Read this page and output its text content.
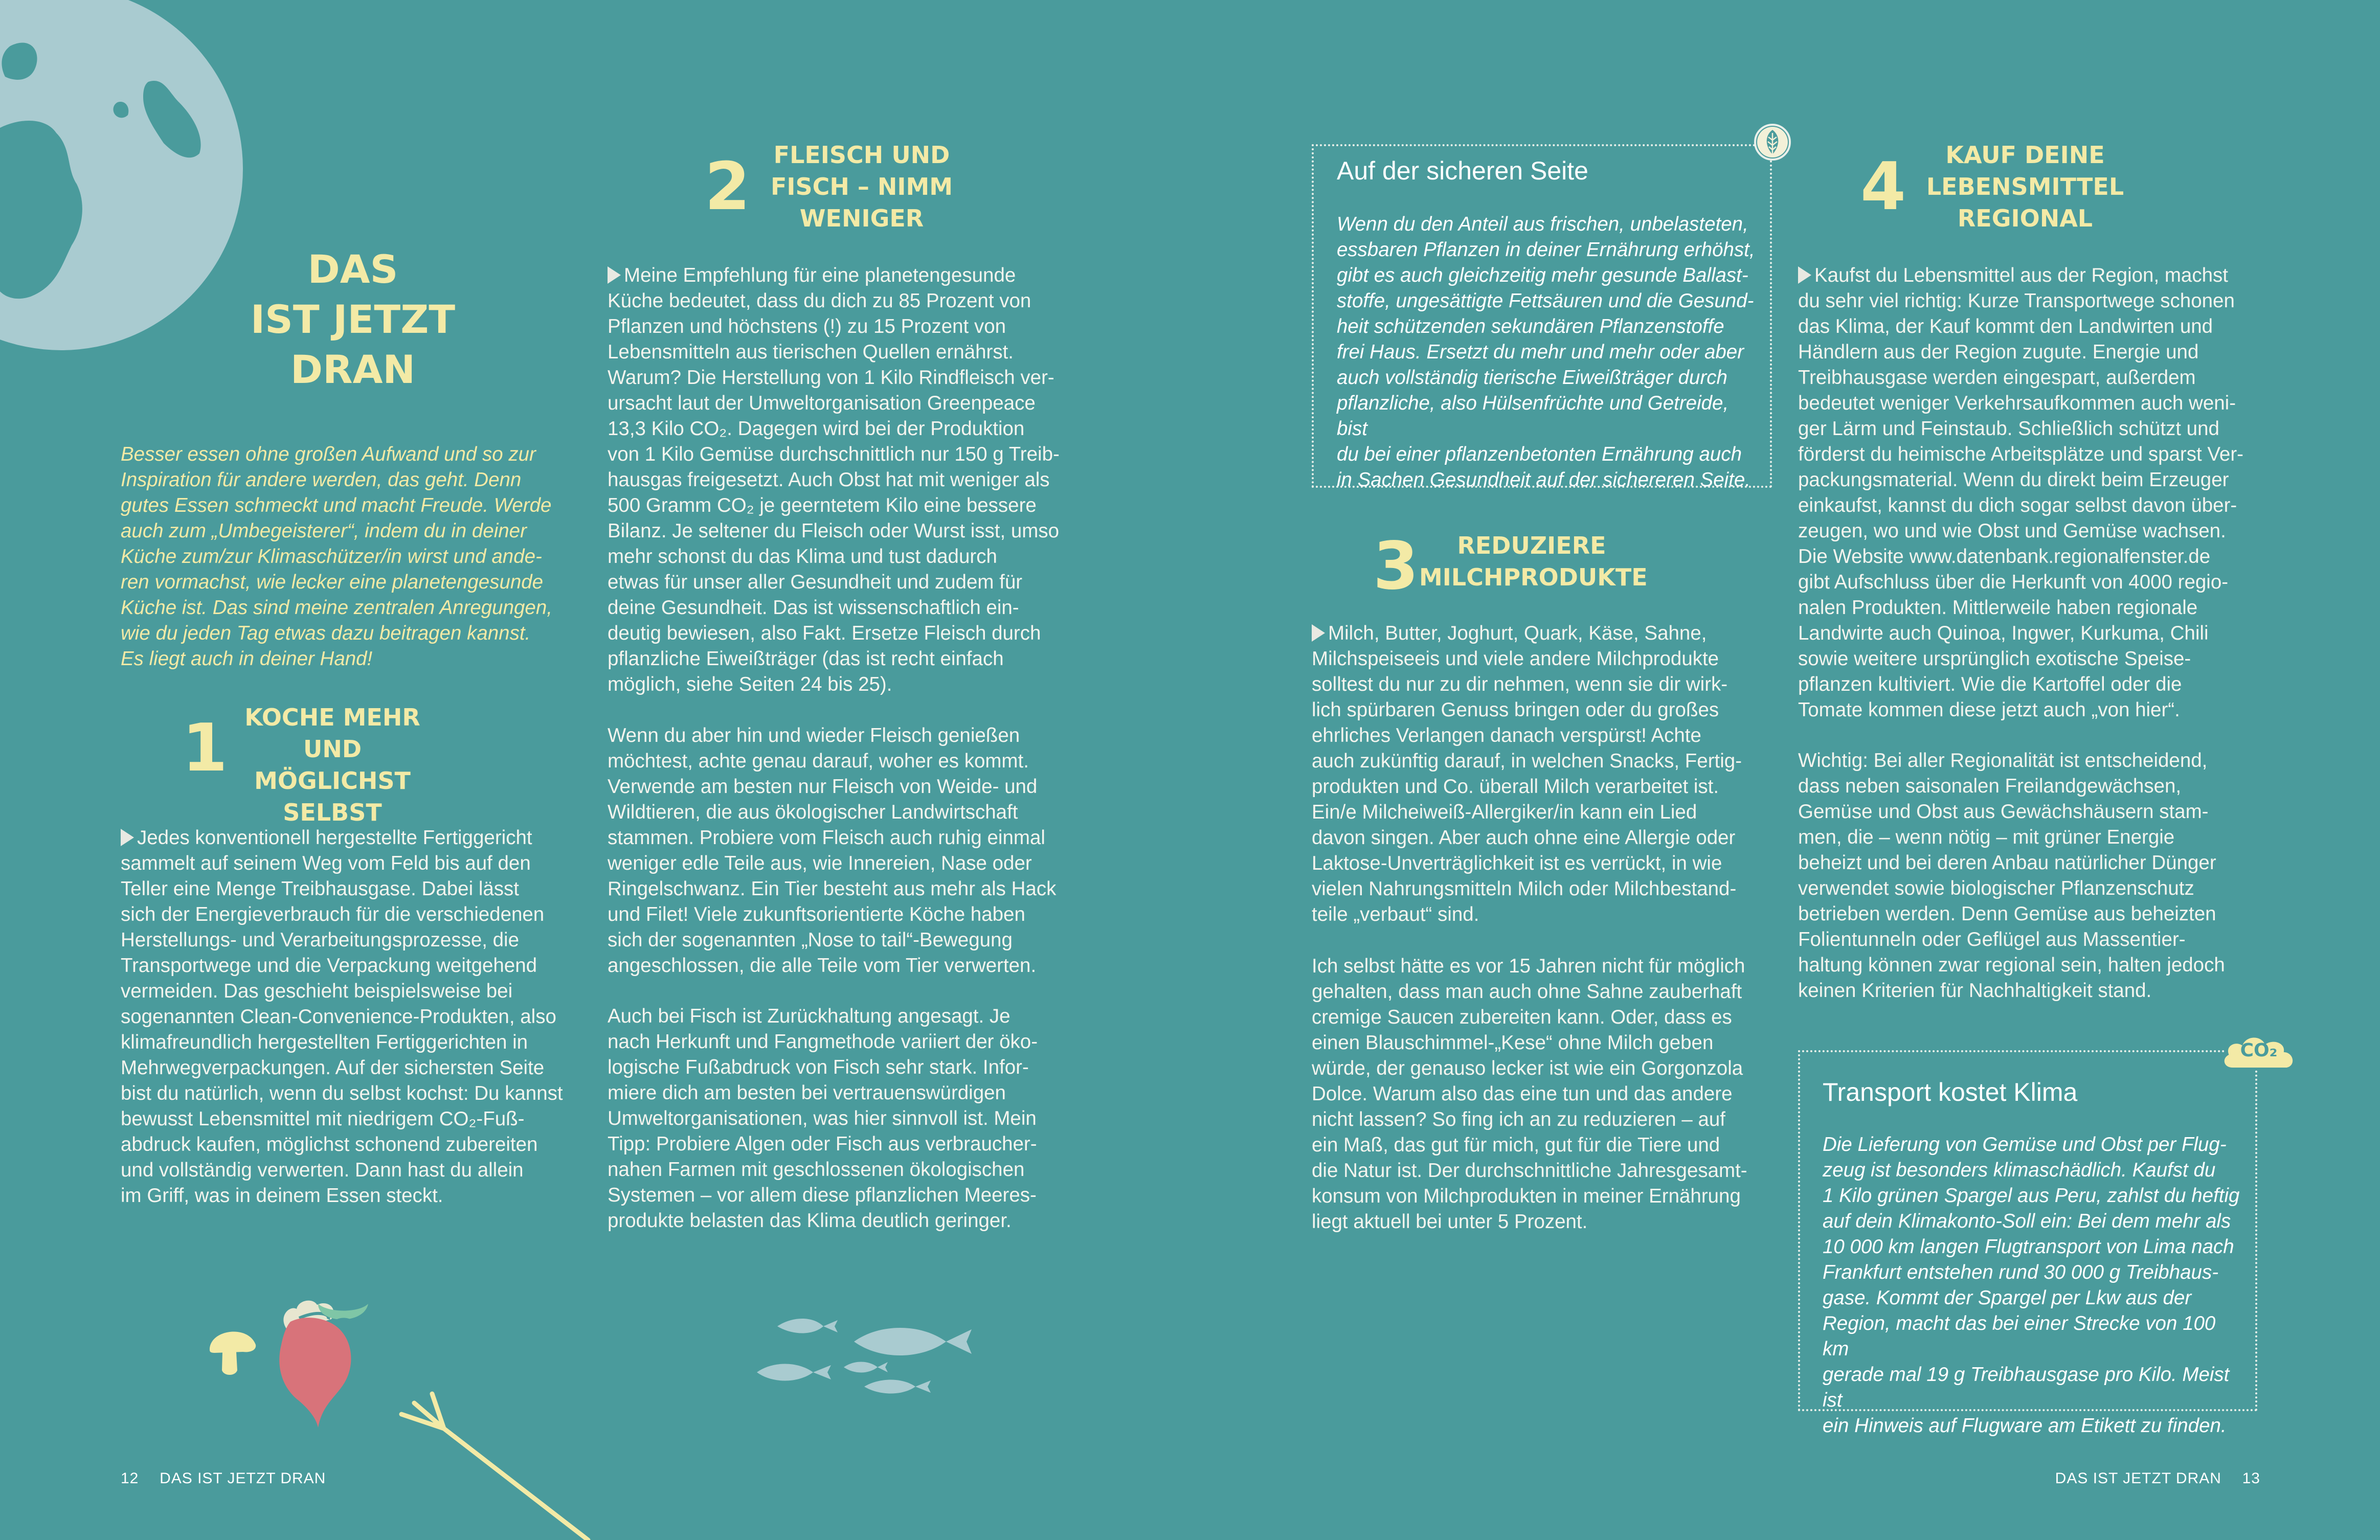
DAS
IST JETZT
DRAN
Besser essen ohne großen Aufwand und so zur
Inspiration für andere werden, das geht. Denn
gutes Essen schmeckt und macht Freude. Werde
auch zum „Umbegeisterer“, indem du in deiner
Küche zum/zur Klimaschützer/in wirst und ande-
ren vormachst, wie lecker eine planetengesunde
Küche ist. Das sind meine zentralen Anregungen,
wie du jeden Tag etwas dazu beitragen kannst.
Es liegt auch in deiner Hand!
1 KOCHE MEHR
UND MÖGLICHST
SELBST
Jedes konventionell hergestellte Fertiggericht
sammelt auf seinem Weg vom Feld bis auf den
Teller eine Menge Treibhausgase. Dabei lässt
sich der Energieverbrauch für die verschiedenen
Herstellungs- und Verarbeitungsprozesse, die
Transportwege und die Verpackung weitgehend
vermeiden. Das geschieht beispielsweise bei
sogenannten Clean-Convenience-Produkten, also
klimafreundlich hergestellten Fertiggerichten in
Mehrwegverpackungen. Auf der sichersten Seite
bist du natürlich, wenn du selbst kochst: Du kannst
bewusst Lebensmittel mit niedrigem CO₂-Fuß-
abdruck kaufen, möglichst schonend zubereiten
und vollständig verwerten. Dann hast du allein
im Griff, was in deinem Essen steckt.
2 FLEISCH UND
FISCH – NIMM
WENIGER
Meine Empfehlung für eine planetengesunde
Küche bedeutet, dass du dich zu 85 Prozent von
Pflanzen und höchstens (!) zu 15 Prozent von
Lebensmitteln aus tierischen Quellen ernährst.
Warum? Die Herstellung von 1 Kilo Rindfleisch ver-
ursacht laut der Umweltorganisation Greenpeace
13,3 Kilo CO₂. Dagegen wird bei der Produktion
von 1 Kilo Gemüse durchschnittlich nur 150 g Treib-
hausgas freigesetzt. Auch Obst hat mit weniger als
500 Gramm CO₂ je geerntetem Kilo eine bessere
Bilanz. Je seltener du Fleisch oder Wurst isst, umso
mehr schonst du das Klima und tust dadurch
etwas für unser aller Gesundheit und zudem für
deine Gesundheit. Das ist wissenschaftlich ein-
deutig bewiesen, also Fakt. Ersetze Fleisch durch
pflanzliche Eiweißträger (das ist recht einfach
möglich, siehe Seiten 24 bis 25).
Wenn du aber hin und wieder Fleisch genießen
möchtest, achte genau darauf, woher es kommt.
Verwende am besten nur Fleisch von Weide- und
Wildtieren, die aus ökologischer Landwirtschaft
stammen. Probiere vom Fleisch auch ruhig einmal
weniger edle Teile aus, wie Innereien, Nase oder
Ringelschwanz. Ein Tier besteht aus mehr als Hack
und Filet! Viele zukunftsorientierte Köche haben
sich der sogenannten „Nose to tail“-Bewegung
angeschlossen, die alle Teile vom Tier verwerten.
Auch bei Fisch ist Zurückhaltung angesagt. Je
nach Herkunft und Fangmethode variiert der öko-
logische Fußabdruck von Fisch sehr stark. Infor-
miere dich am besten bei vertrauenswürdigen
Umweltorganisationen, was hier sinnvoll ist. Mein
Tipp: Probiere Algen oder Fisch aus verbraucher-
nahen Farmen mit geschlossenen ökologischen
Systemen – vor allem diese pflanzlichen Meeres-
produkte belasten das Klima deutlich geringer.
Auf der sicheren Seite
Wenn du den Anteil aus frischen, unbelasteten,
essbaren Pflanzen in deiner Ernährung erhöhst,
gibt es auch gleichzeitig mehr gesunde Ballast-
stoffe, ungesättigte Fettsäuren und die Gesund-
heit schützenden sekundären Pflanzenstoffe
frei Haus. Ersetzt du mehr und mehr oder aber
auch vollständig tierische Eiweißträger durch
pflanzliche, also Hülsenfrüchte und Getreide, bist
du bei einer pflanzenbetonten Ernährung auch
in Sachen Gesundheit auf der sichereren Seite.
3	REDUZIERE
MILCHPRODUKTE
Milch, Butter, Joghurt, Quark, Käse, Sahne,
Milchspeiseeis und viele andere Milchprodukte
solltest du nur zu dir nehmen, wenn sie dir wirk-
lich spürbaren Genuss bringen oder du großes
ehrliches Verlangen danach verspürst! Achte
auch zukünftig darauf, in welchen Snacks, Fertig-
produkten und Co. überall Milch verarbeitet ist.
Ein/e Milcheiweiß-Allergiker/in kann ein Lied
davon singen. Aber auch ohne eine Allergie oder
Laktose-Unverträglichkeit ist es verrückt, in wie
vielen Nahrungsmitteln Milch oder Milchbestand-
teile „verbaut“ sind.
Ich selbst hätte es vor 15 Jahren nicht für möglich
gehalten, dass man auch ohne Sahne zauberhaft
cremige Saucen zubereiten kann. Oder, dass es
einen Blauschimmel-„Kese“ ohne Milch geben
würde, der genauso lecker ist wie ein Gorgonzola
Dolce. Warum also das eine tun und das andere
nicht lassen? So fing ich an zu reduzieren – auf
ein Maß, das gut für mich, gut für die Tiere und
die Natur ist. Der durchschnittliche Jahresgesamt-
konsum von Milchprodukten in meiner Ernährung
liegt aktuell bei unter 5 Prozent.
4	KAUF DEINE
LEBENSMITTEL
REGIONAL
Kaufst du Lebensmittel aus der Region, machst
du sehr viel richtig: Kurze Transportwege schonen
das Klima, der Kauf kommt den Landwirten und
Händlern aus der Region zugute. Energie und
Treibhausgase werden eingespart, außerdem
bedeutet weniger Verkehrsaufkommen auch weni-
ger Lärm und Feinstaub. Schließlich schützt und
förderst du heimische Arbeitsplätze und sparst Ver-
packungsmaterial. Wenn du direkt beim Erzeuger
einkaufst, kannst du dich sogar selbst davon über-
zeugen, wo und wie Obst und Gemüse wachsen.
Die Website www.datenbank.regionalfenster.de
gibt Aufschluss über die Herkunft von 4000 regio-
nalen Produkten. Mittlerweile haben regionale
Landwirte auch Quinoa, Ingwer, Kurkuma, Chili
sowie weitere ursprünglich exotische Speise-
pflanzen kultiviert. Wie die Kartoffel oder die
Tomate kommen diese jetzt auch „von hier“.
Wichtig: Bei aller Regionalität ist entscheidend,
dass neben saisonalen Freilandgewächsen,
Gemüse und Obst aus Gewächshäusern stam-
men, die – wenn nötig – mit grüner Energie
beheizt und bei deren Anbau natürlicher Dünger
verwendet sowie biologischer Pflanzenschutz
betrieben werden. Denn Gemüse aus beheizten
Folientunneln oder Geflügel aus Massentier-
haltung können zwar regional sein, halten jedoch
keinen Kriterien für Nachhaltigkeit stand.
CO₂
Transport kostet Klima
Die Lieferung von Gemüse und Obst per Flug-
zeug ist besonders klimaschädlich. Kaufst du
1 Kilo grünen Spargel aus Peru, zahlst du heftig
auf dein Klimakonto-Soll ein: Bei dem mehr als
10 000 km langen Flugtransport von Lima nach
Frankfurt entstehen rund 30 000 g Treibhaus-
gase. Kommt der Spargel per Lkw aus der
Region, macht das bei einer Strecke von 100 km
gerade mal 19 g Treibhausgase pro Kilo. Meist ist
ein Hinweis auf Flugware am Etikett zu finden.
12 DAS IST JETZT DRAN	DAS IST JETZT DRAN 13
